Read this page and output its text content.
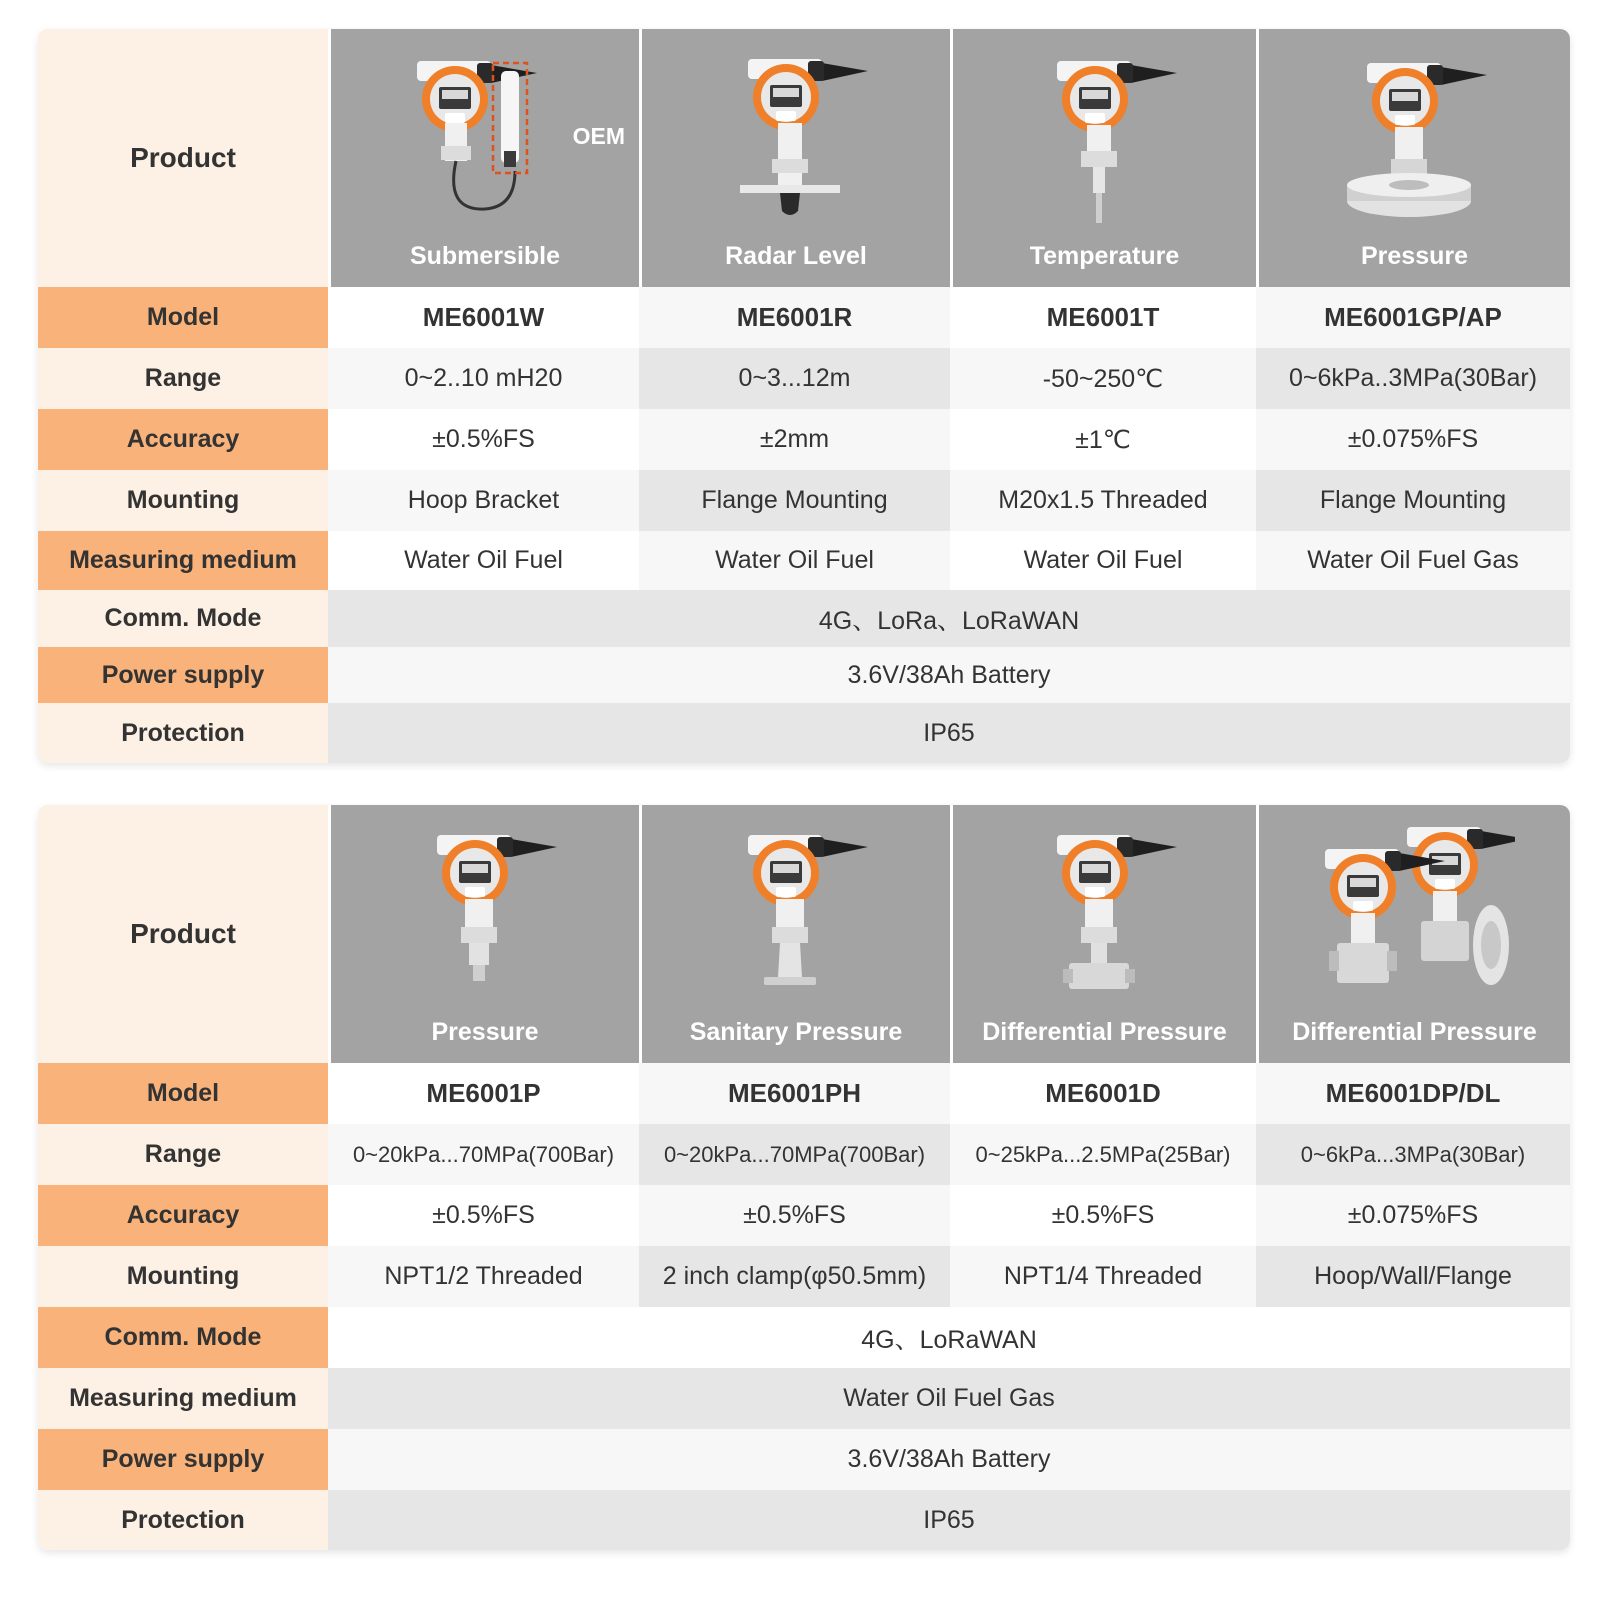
Product
OEM
Submersible	Radar Level	Temperature	Pressure
Model	ME6001W	ME6001R	ME6001T	ME6001GP/AP
Range	0~2..10 mH20	0~3...12m	-50~250℃	0~6kPa..3MPa(30Bar)
Accuracy	±0.5%FS	±2mm	±1℃	±0.075%FS
Mounting	Hoop Bracket	Flange Mounting	M20x1.5 Threaded	Flange Mounting
Measuring medium	Water Oil Fuel	Water Oil Fuel	Water Oil Fuel	Water Oil Fuel Gas
Comm. Mode	4G、LoRa、LoRaWAN
Power supply	3.6V/38Ah Battery
Protection	IP65
Product
Pressure	Sanitary Pressure	Differential Pressure	Differential Pressure
Model	ME6001P	ME6001PH	ME6001D	ME6001DP/DL
Range	0~20kPa...70MPa(700Bar)	0~20kPa...70MPa(700Bar)	0~25kPa...2.5MPa(25Bar)	0~6kPa...3MPa(30Bar)
Accuracy	±0.5%FS	±0.5%FS	±0.5%FS	±0.075%FS
Mounting	NPT1/2 Threaded	2 inch clamp(φ50.5mm)	NPT1/4 Threaded	Hoop/Wall/Flange
Comm. Mode	4G、LoRaWAN
Measuring medium	Water Oil Fuel Gas
Power supply	3.6V/38Ah Battery
Protection	IP65
